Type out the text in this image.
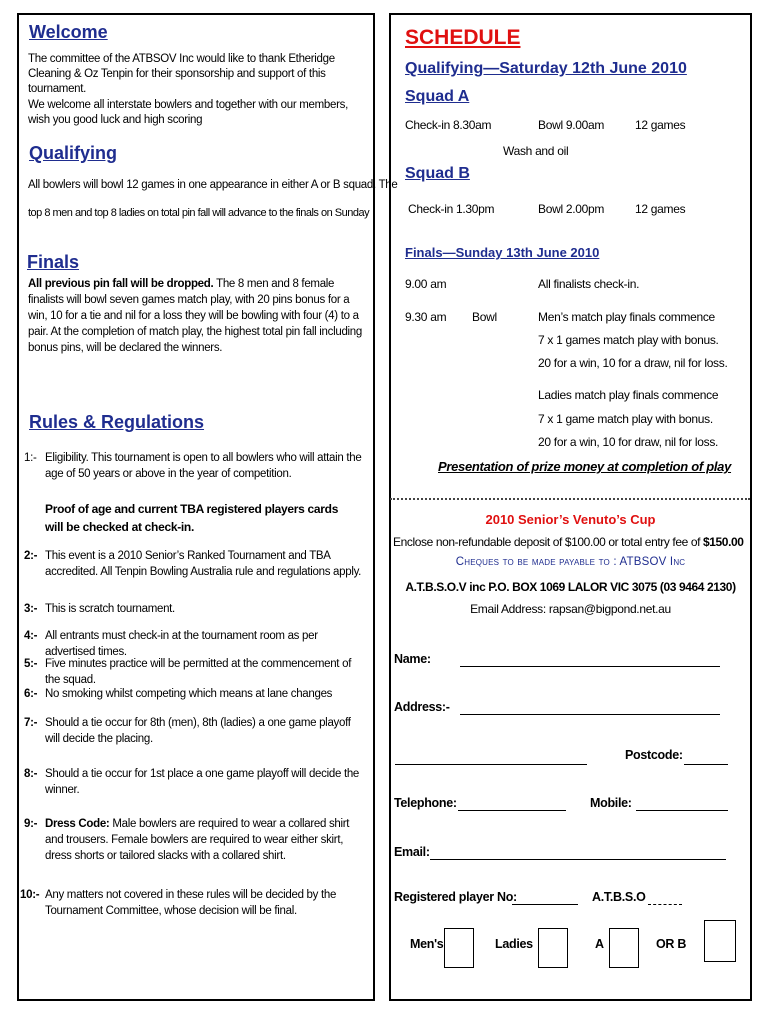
Welcome
The committee of the ATBSOV Inc would like to thank Etheridge Cleaning & Oz Tenpin for their sponsorship and support of this tournament.
We welcome all interstate bowlers and together with our members, wish you good luck and high scoring
Qualifying
All bowlers will bowl 12 games in one appearance in either A or B squad. The
top 8 men and top 8 ladies on total pin fall will advance to the finals on Sunday
Finals
All previous pin fall will be dropped. The 8 men and 8 female finalists will bowl seven games match play, with 20 pins bonus for a win, 10 for a tie and nil for a loss they will be bowling with four (4) to a pair. At the completion of match play, the highest total pin fall including bonus pins, will be declared the winners.
Rules & Regulations
1:- Eligibility. This tournament is open to all bowlers who will attain the age of 50 years or above in the year of competition.
Proof of age and current TBA registered players cards will be checked at check-in.
2:- This event is a 2010 Senior’s Ranked Tournament and TBA accredited. All Tenpin Bowling Australia rule and regulations apply.
3:- This is scratch tournament.
4:- All entrants must check-in at the tournament room as per advertised times.
5:- Five minutes practice will be permitted at the commencement of the squad.
6:- No smoking whilst competing which means at lane changes
7:- Should a tie occur for 8th (men), 8th (ladies) a one game playoff will decide the placing.
8:- Should a tie occur for 1st place a one game playoff will decide the winner.
9:- Dress Code: Male bowlers are required to wear a collared shirt and trousers. Female bowlers are required to wear either skirt, dress shorts or tailored slacks with a collared shirt.
10:- Any matters not covered in these rules will be decided by the Tournament Committee, whose decision will be final.
SCHEDULE
Qualifying—Saturday 12th June 2010
Squad A
Check-in 8.30am	Bowl 9.00am	12 games
Wash and oil
Squad B
Check-in 1.30pm	Bowl 2.00pm	12 games
Finals—Sunday 13th June 2010
9.00 am	All finalists check-in.
9.30 am Bowl	Men’s match play finals commence
7 x 1 games match play with bonus.
20 for a win, 10 for a draw, nil for loss.
Ladies match play finals commence
7 x 1 game match play with bonus.
20 for a win, 10 for draw, nil for loss.
Presentation of prize money at completion of play
2010 Senior’s Venuto’s Cup
Enclose non-refundable deposit of $100.00 or total entry fee of $150.00
Cheques to be made payable to : ATBSOV Inc
A.T.B.S.O.V inc P.O. BOX 1069 LALOR VIC 3075 (03 9464 2130)
Email Address: rapsan@bigpond.net.au
Name:
Address:-
Postcode:
Telephone:	Mobile:
Email:
Registered player No:	A.T.B.S.O
Men's	Ladies	A	OR B
